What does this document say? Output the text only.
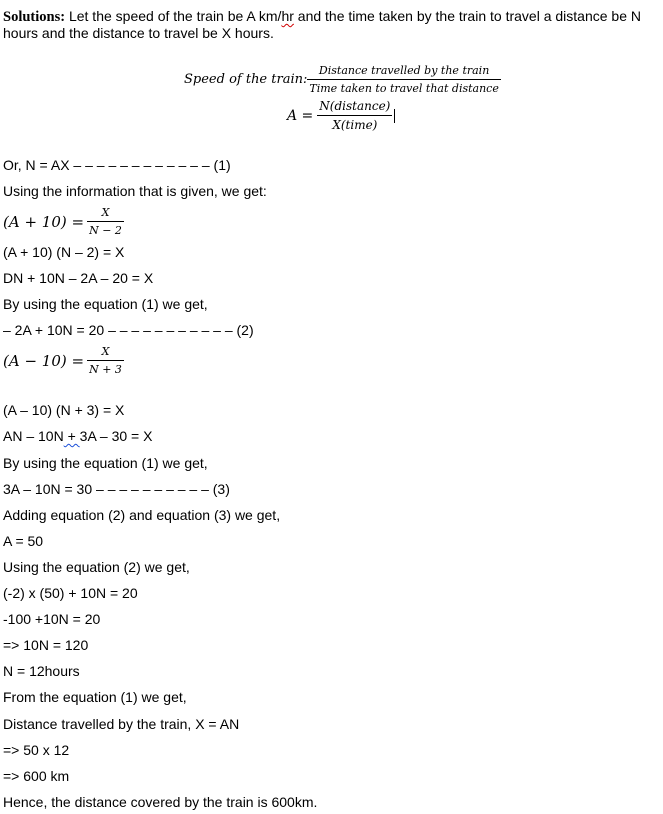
Solutions: Let the speed of the train be A km/hr and the time taken by the train to travel a distance be N hours and the distance to travel be X hours.
Speed of the train: $\frac{\text{Distance travelled by the train}}{\text{Time taken to travel that distance}}$
$A = \frac{\text{N(distance)}}{\text{X(time)}}$
Or, N = AX – – – – – – – – – – – – (1)
Using the information that is given, we get:
$(A + 10) = \frac{X}{N - 2}$
(A + 10) (N – 2) = X
DN + 10N – 2A – 20 = X
By using the equation (1) we get,
– 2A + 10N = 20 – – – – – – – – – – – (2)
$(A - 10) = \frac{X}{N + 3}$
(A – 10) (N + 3) = X
AN – 10N + 3A – 30 = X
By using the equation (1) we get,
3A – 10N = 30 – – – – – – – – – – (3)
Adding equation (2) and equation (3) we get,
A = 50
Using the equation (2) we get,
(-2) x (50) + 10N = 20
-100 +10N = 20
=> 10N = 120
N = 12hours
From the equation (1) we get,
Distance travelled by the train, X = AN
=> 50 x 12
=> 600 km
Hence, the distance covered by the train is 600km.
